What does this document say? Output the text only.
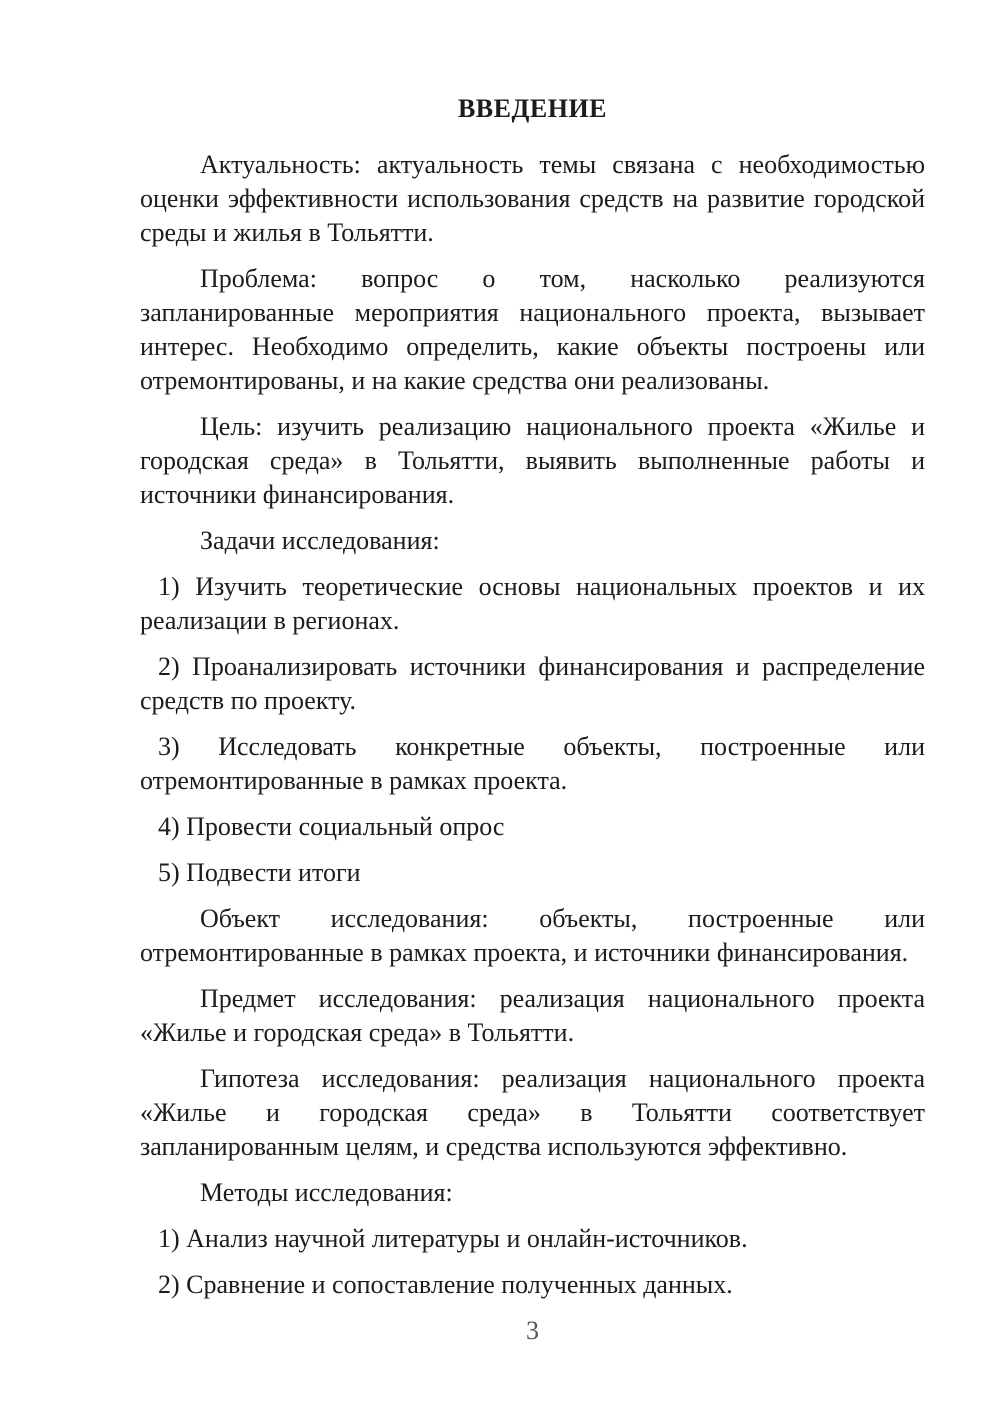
ВВЕДЕНИЕ

Актуальность: актуальность темы связана с необходимостью оценки эффективности использования средств на развитие городской среды и жилья в Тольятти.

Проблема: вопрос о том, насколько реализуются запланированные мероприятия национального проекта, вызывает интерес. Необходимо определить, какие объекты построены или отремонтированы, и на какие средства они реализованы.

Цель: изучить реализацию национального проекта «Жилье и городская среда» в Тольятти, выявить выполненные работы и источники финансирования.

Задачи исследования:

1) Изучить теоретические основы национальных проектов и их реализации в регионах.

2) Проанализировать источники финансирования и распределение средств по проекту.

3) Исследовать конкретные объекты, построенные или отремонтированные в рамках проекта.

4) Провести социальный опрос

5) Подвести итоги

Объект исследования: объекты, построенные или отремонтированные в рамках проекта, и источники финансирования.

Предмет исследования: реализация национального проекта «Жилье и городская среда» в Тольятти.

Гипотеза исследования: реализация национального проекта «Жилье и городская среда» в Тольятти соответствует запланированным целям, и средства используются эффективно.

Методы исследования:

1) Анализ научной литературы и онлайн-источников.

2) Сравнение и сопоставление полученных данных.

3
